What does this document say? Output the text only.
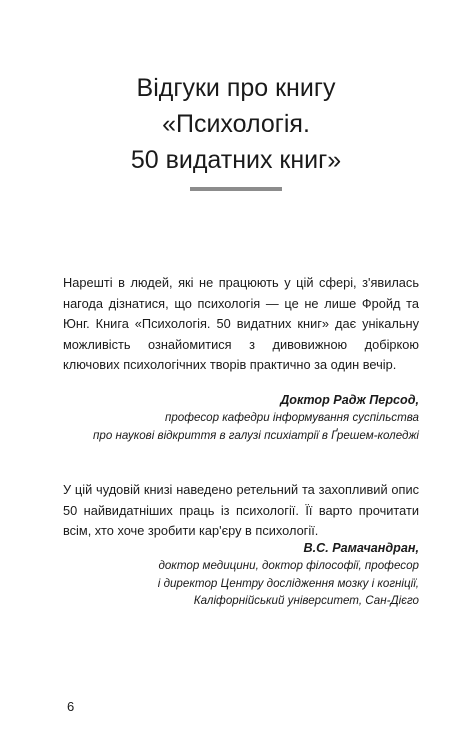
Відгуки про книгу
«Психологія.
50 видатних книг»

Нарешті в людей, які не працюють у цій сфері, з'явилась нагода дізнатися, що психологія — це не лише Фройд та Юнг. Книга «Психологія. 50 видатних книг» дає унікальну можливість ознайомитися з дивовижною добіркою ключових психологічних творів практично за один вечір.

Доктор Радж Персод,
професор кафедри інформування суспільства
про наукові відкриття в галузі психіатрії в Ґрешем-коледжі

У цій чудовій книзі наведено ретельний та захопливий опис 50 найвидатніших праць із психології. Її варто прочитати всім, хто хоче зробити кар'єру в психології.

В.С. Рамачандран,
доктор медицини, доктор філософії, професор
і директор Центру дослідження мозку і когніції,
Каліфорнійський університет, Сан-Дієго
6
